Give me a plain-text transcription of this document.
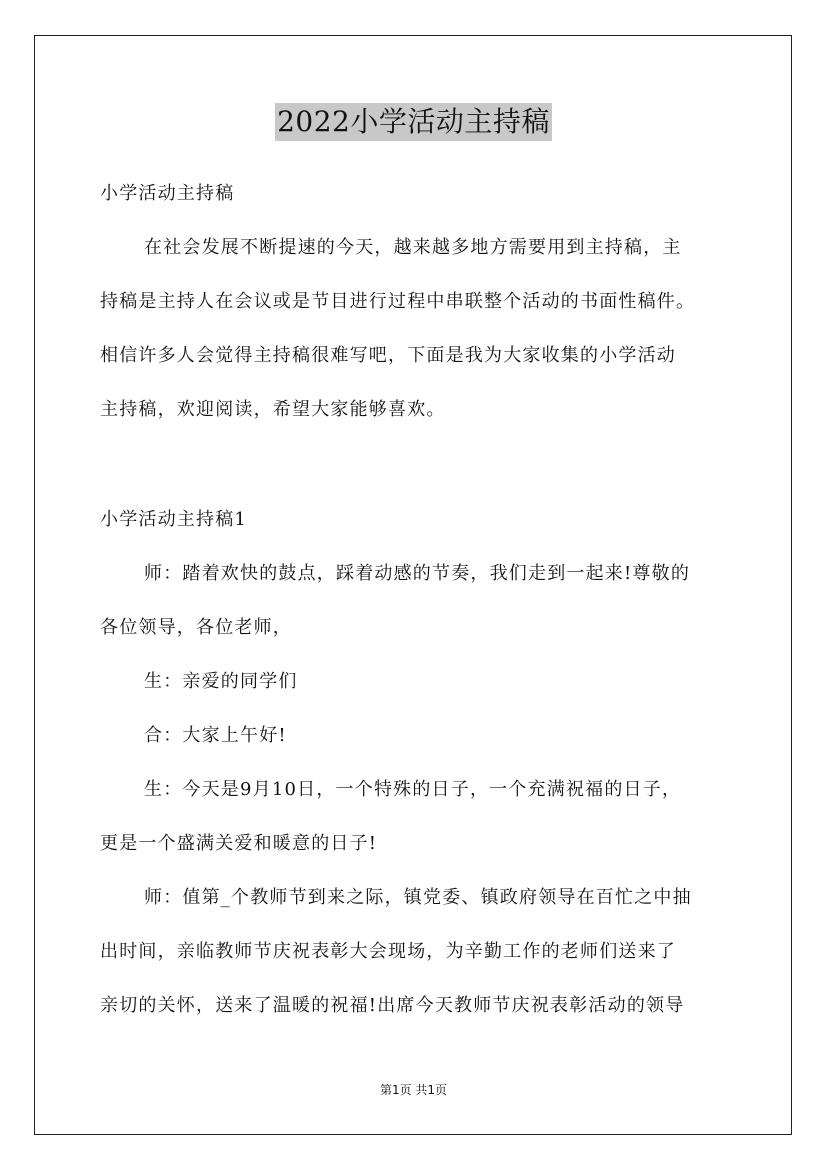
2022小学活动主持稿
小学活动主持稿
在社会发展不断提速的今天，越来越多地方需要用到主持稿，主
持稿是主持人在会议或是节目进行过程中串联整个活动的书面性稿件。
相信许多人会觉得主持稿很难写吧，下面是我为大家收集的小学活动
主持稿，欢迎阅读，希望大家能够喜欢。
小学活动主持稿1
师：踏着欢快的鼓点，踩着动感的节奏，我们走到一起来!尊敬的
各位领导，各位老师，
生：亲爱的同学们
合：大家上午好!
生：今天是9月10日，一个特殊的日子，一个充满祝福的日子，
更是一个盛满关爱和暖意的日子!
师：值第_个教师节到来之际，镇党委、镇政府领导在百忙之中抽
出时间，亲临教师节庆祝表彰大会现场，为辛勤工作的老师们送来了
亲切的关怀，送来了温暖的祝福!出席今天教师节庆祝表彰活动的领导
第1页 共1页
